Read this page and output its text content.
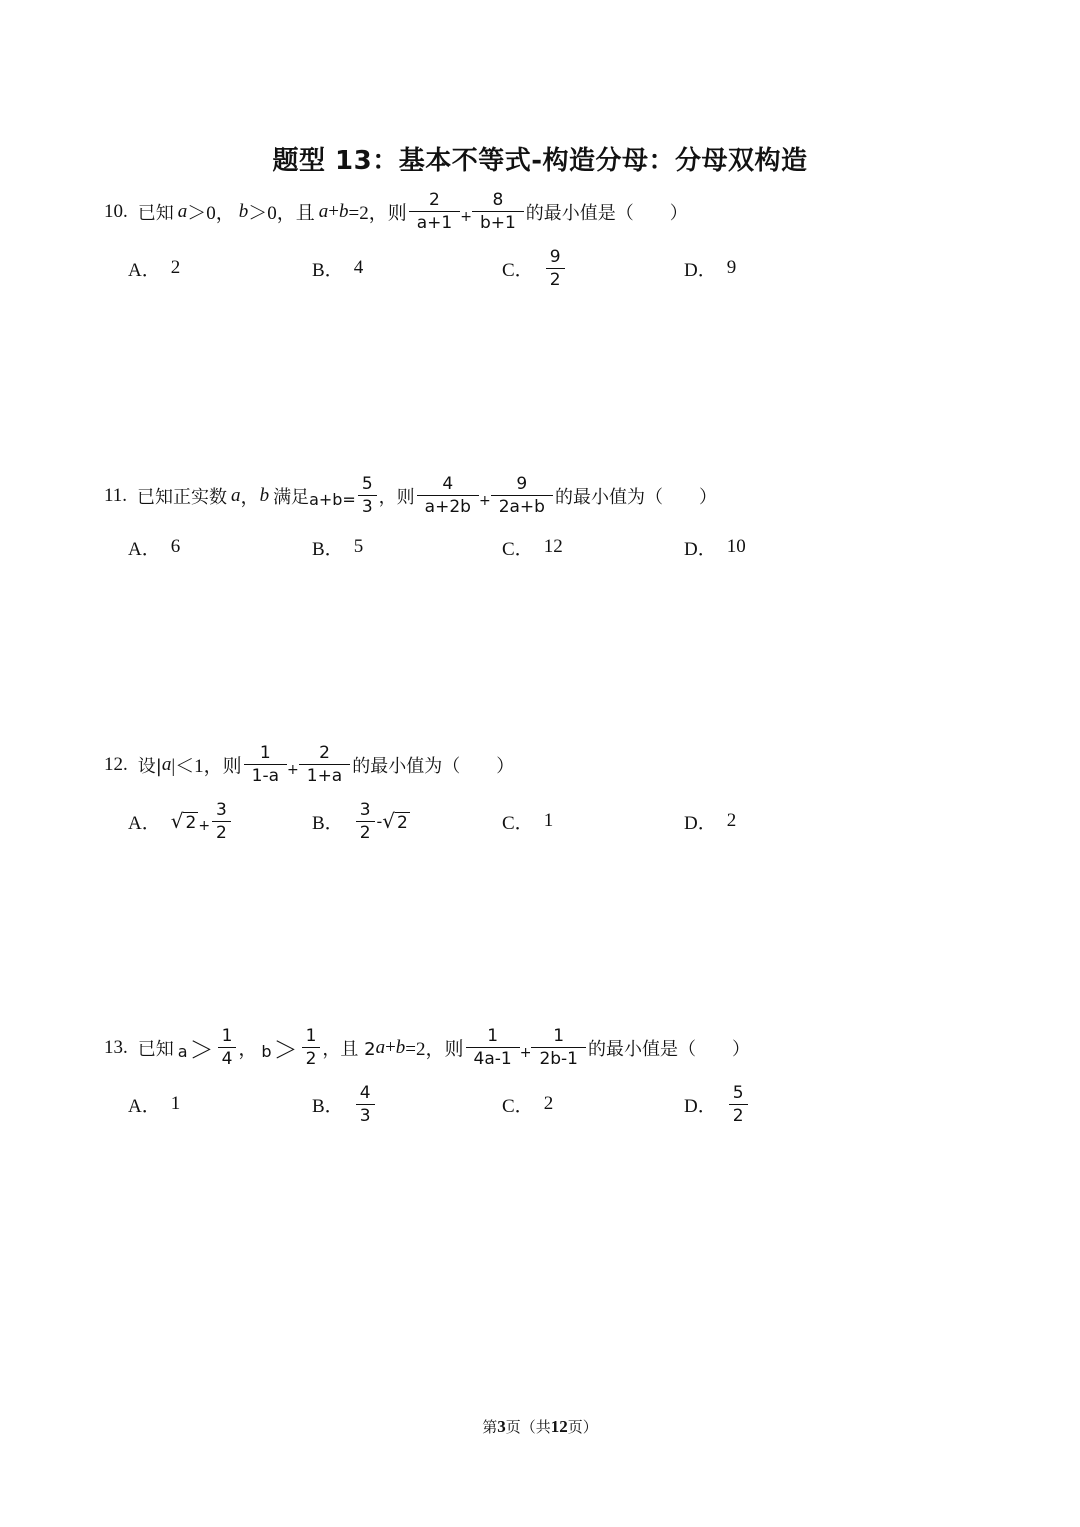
题型 13：基本不等式-构造分母：分母双构造
10. 已知 a ＞0， b ＞0，且 a + b =2，则 $\frac{2}{a+1} + \frac{8}{b+1}$ 的最小值是（　　）
A． 2	B． 4	C． $\frac{9}{2}$	D． 9
11. 已知正实数 a ， b 满足 $a+b= \frac{5}{3}$ ，则 $\frac{4}{a+2b} + \frac{9}{2a+b}$ 的最小值为（　　）
A． 6	B． 5	C． 12	D． 10
12. 设| a |＜1，则 $\frac{1}{1-a} + \frac{2}{1+a}$ 的最小值为（　　）
A． √ $2 + \frac{3}{2}$	B． $\frac{3}{2}$ - √ 2	C． 1	D． 2
13. 已知 $a > \frac{1}{4}$ ， $b > \frac{1}{2}$ ，且 2 a + b =2，则 $\frac{1}{4a-1} + \frac{1}{2b-1}$ 的最小值是（　　）
A． 1	B． $\frac{4}{3}$	C． 2	D． $\frac{5}{2}$
第3页（共12页）
